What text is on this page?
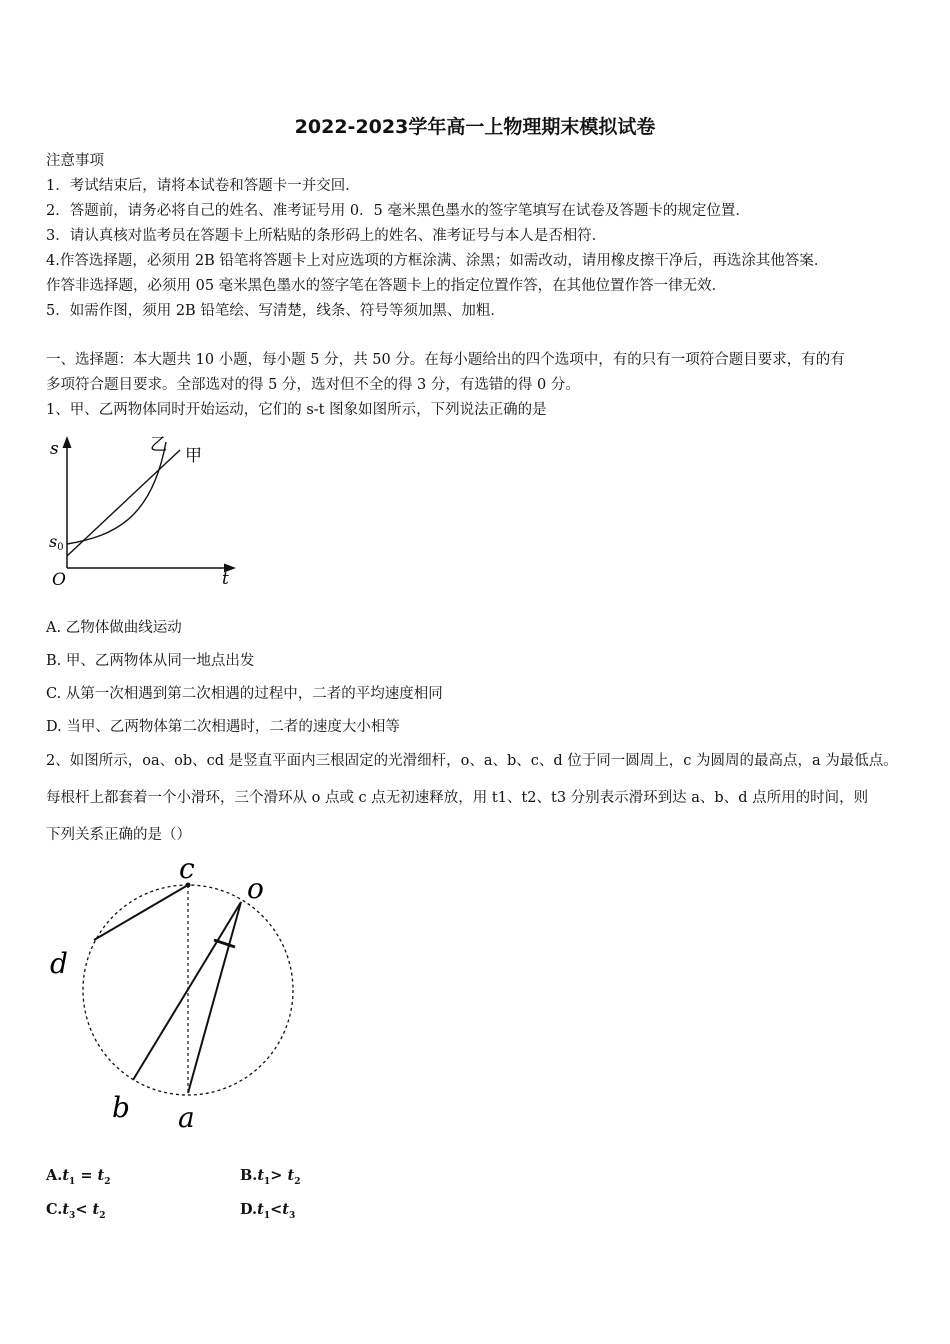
2022-2023学年高一上物理期末模拟试卷
注意事项
1．考试结束后，请将本试卷和答题卡一并交回．
2．答题前，请务必将自己的姓名、准考证号用 0．5 毫米黑色墨水的签字笔填写在试卷及答题卡的规定位置．
3．请认真核对监考员在答题卡上所粘贴的条形码上的姓名、准考证号与本人是否相符．
4.作答选择题，必须用 2B 铅笔将答题卡上对应选项的方框涂满、涂黑；如需改动，请用橡皮擦干净后，再选涂其他答案．
作答非选择题，必须用 05 毫米黑色墨水的签字笔在答题卡上的指定位置作答，在其他位置作答一律无效．
5．如需作图，须用 2B 铅笔绘、写清楚，线条、符号等须加黑、加粗．
一、选择题：本大题共 10 小题，每小题 5 分，共 50 分。在每小题给出的四个选项中，有的只有一项符合题目要求，有的有
多项符合题目要求。全部选对的得 5 分，选对但不全的得 3 分，有选错的得 0 分。
1、甲、乙两物体同时开始运动，它们的 s-t 图象如图所示，下列说法正确的是
s
t
O
s0
乙
甲
A. 乙物体做曲线运动
B. 甲、乙两物体从同一地点出发
C. 从第一次相遇到第二次相遇的过程中，二者的平均速度相同
D. 当甲、乙两物体第二次相遇时，二者的速度大小相等
2、如图所示，oa、ob、cd 是竖直平面内三根固定的光滑细杆，o、a、b、c、d 位于同一圆周上，c 为圆周的最高点，a 为最低点。
每根杆上都套着一个小滑环，三个滑环从 o 点或 c 点无初速释放，用 t1、t2、t3 分别表示滑环到达 a、b、d 点所用的时间，则
下列关系正确的是（）
c
o
d
b a
$A.t_1 = t_2$	$B.t_1> t_2$
$C.t_3< t_2$	$D.t_1<t_3$
